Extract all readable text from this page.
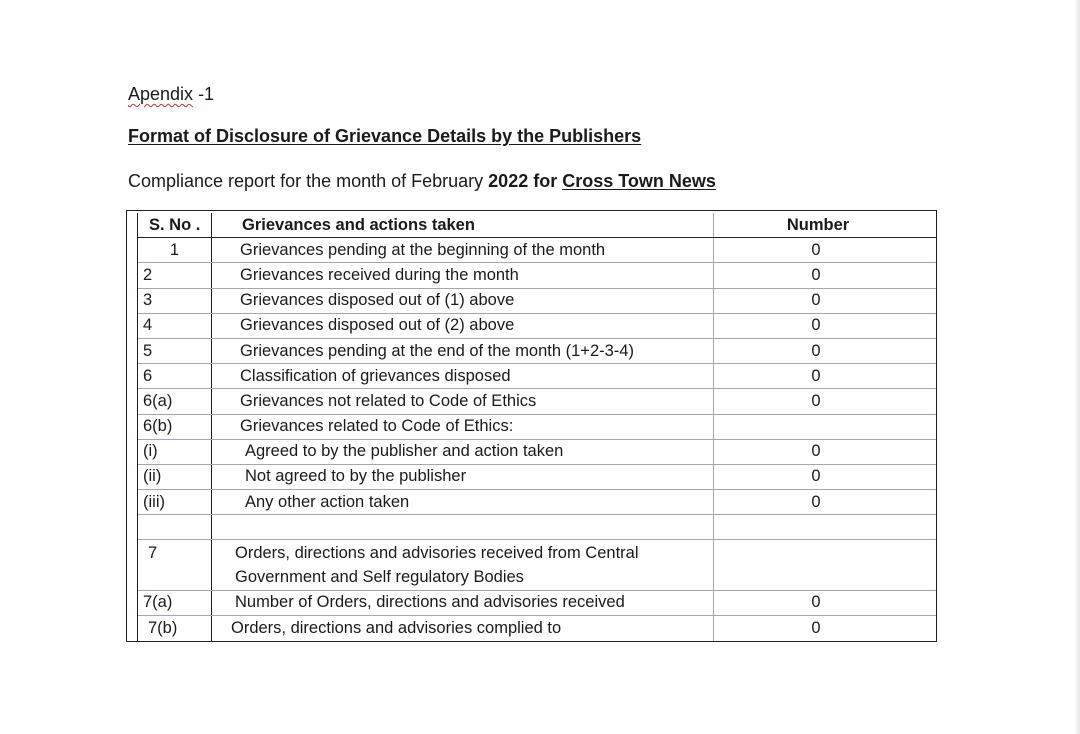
Apendix -1
Format of Disclosure of Grievance Details by the Publishers
Compliance report for the month of February 2022 for Cross Town News
S. No .	Grievances and actions taken	Number
1	Grievances pending at the beginning of the month	0
2	Grievances received during the month	0
3	Grievances disposed out of (1) above	0
4	Grievances disposed out of (2) above	0
5	Grievances pending at the end of the month (1+2-3-4)	0
6	Classification of grievances disposed	0
6(a)	Grievances not related to Code of Ethics	0
6(b)	Grievances related to Code of Ethics:
(i)	Agreed to by the publisher and action taken	0
(ii)	Not agreed to by the publisher	0
(iii)	Any other action taken	0
7	Orders, directions and advisories received from Central
Government and Self regulatory Bodies
7(a)	Number of Orders, directions and advisories received	0
7(b)	Orders, directions and advisories complied to	0
